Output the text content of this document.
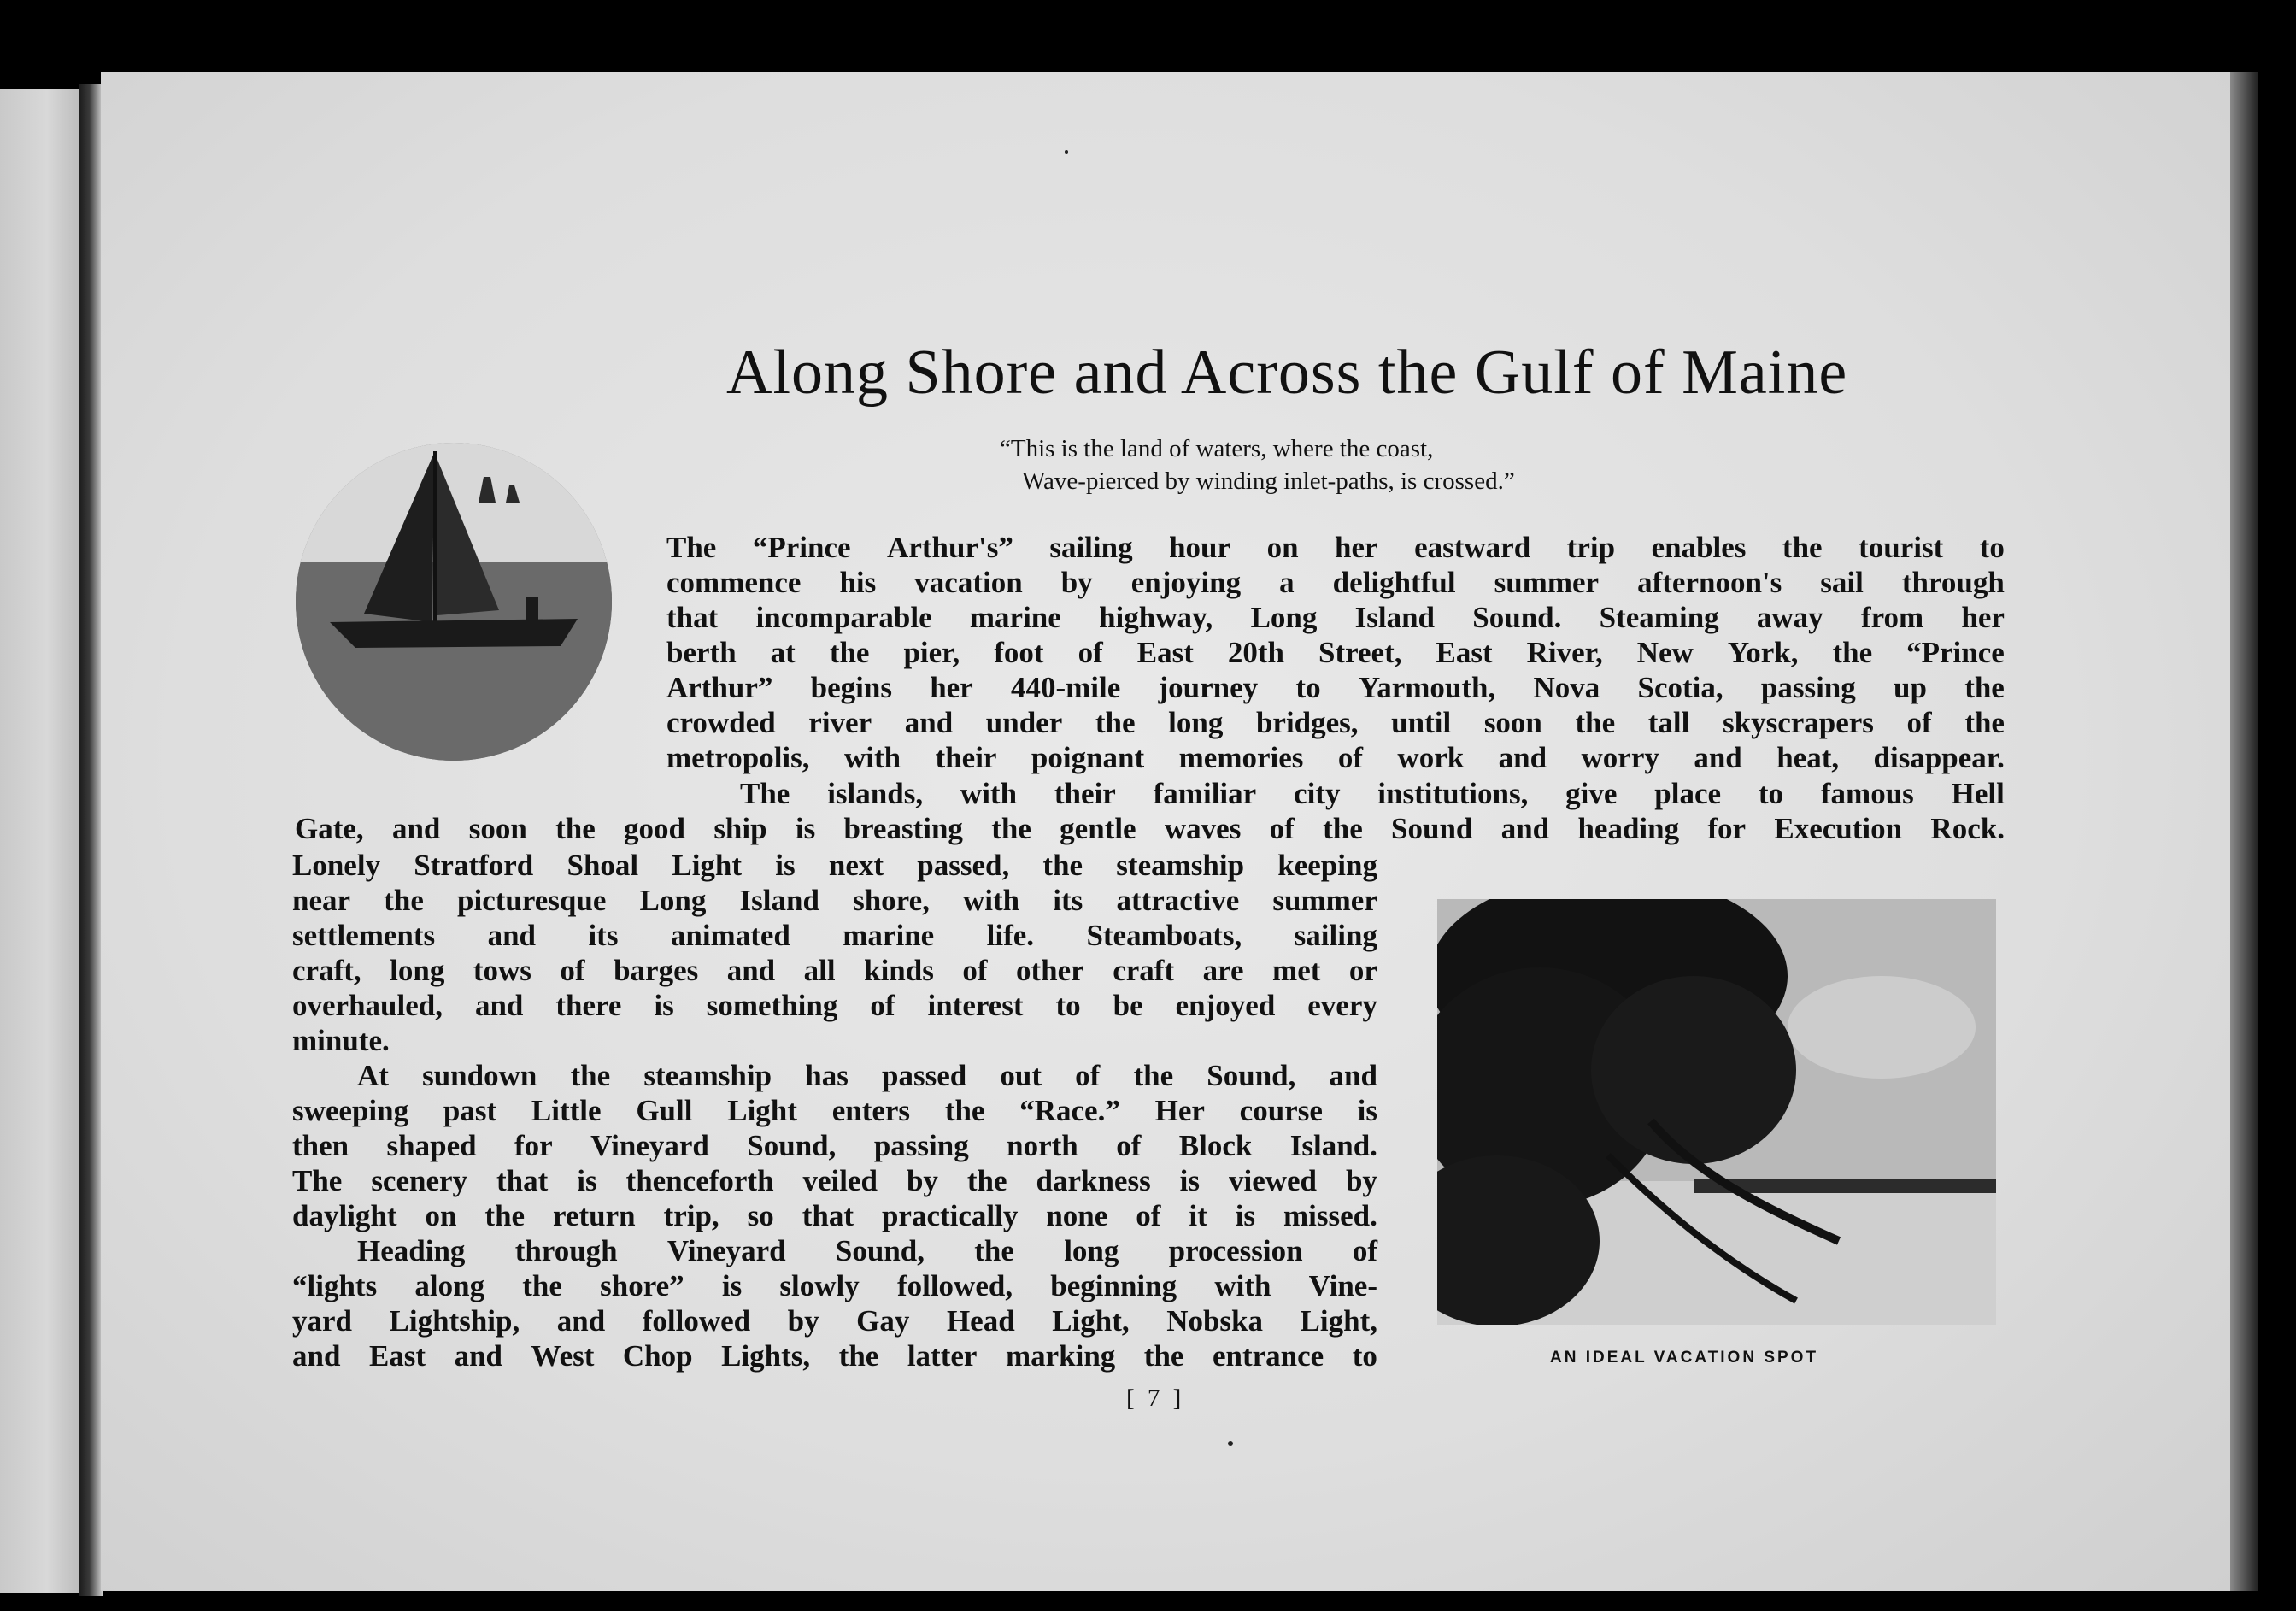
Along Shore and Across the Gulf of Maine
“This is the land of waters, where the coast,
Wave-pierced by winding inlet-paths, is crossed.”
The “Prince Arthur's” sailing hour on her eastward trip enables the tourist to
commence his vacation by enjoying a delightful summer afternoon's sail through
that incomparable marine highway, Long Island Sound. Steaming away from her
berth at the pier, foot of East 20th Street, East River, New York, the “Prince
Arthur” begins her 440-mile journey to Yarmouth, Nova Scotia, passing up the
crowded river and under the long bridges, until soon the tall skyscrapers of the
metropolis, with their poignant memories of work and worry and heat, disappear.
The islands, with their familiar city institutions, give place to famous Hell
Gate, and soon the good ship is breasting the gentle waves of the Sound and heading for Execution Rock.
Lonely Stratford Shoal Light is next passed, the steamship keeping
near the picturesque Long Island shore, with its attractive summer
settlements and its animated marine life. Steamboats, sailing
craft, long tows of barges and all kinds of other craft are met or
overhauled, and there is something of interest to be enjoyed every
minute.
At sundown the steamship has passed out of the Sound, and
sweeping past Little Gull Light enters the “Race.” Her course is
then shaped for Vineyard Sound, passing north of Block Island.
The scenery that is thenceforth veiled by the darkness is viewed by
daylight on the return trip, so that practically none of it is missed.
Heading through Vineyard Sound, the long procession of
“lights along the shore” is slowly followed, beginning with Vine-
yard Lightship, and followed by Gay Head Light, Nobska Light,
and East and West Chop Lights, the latter marking the entrance to	AN IDEAL VACATION SPOT
[ 7 ]
